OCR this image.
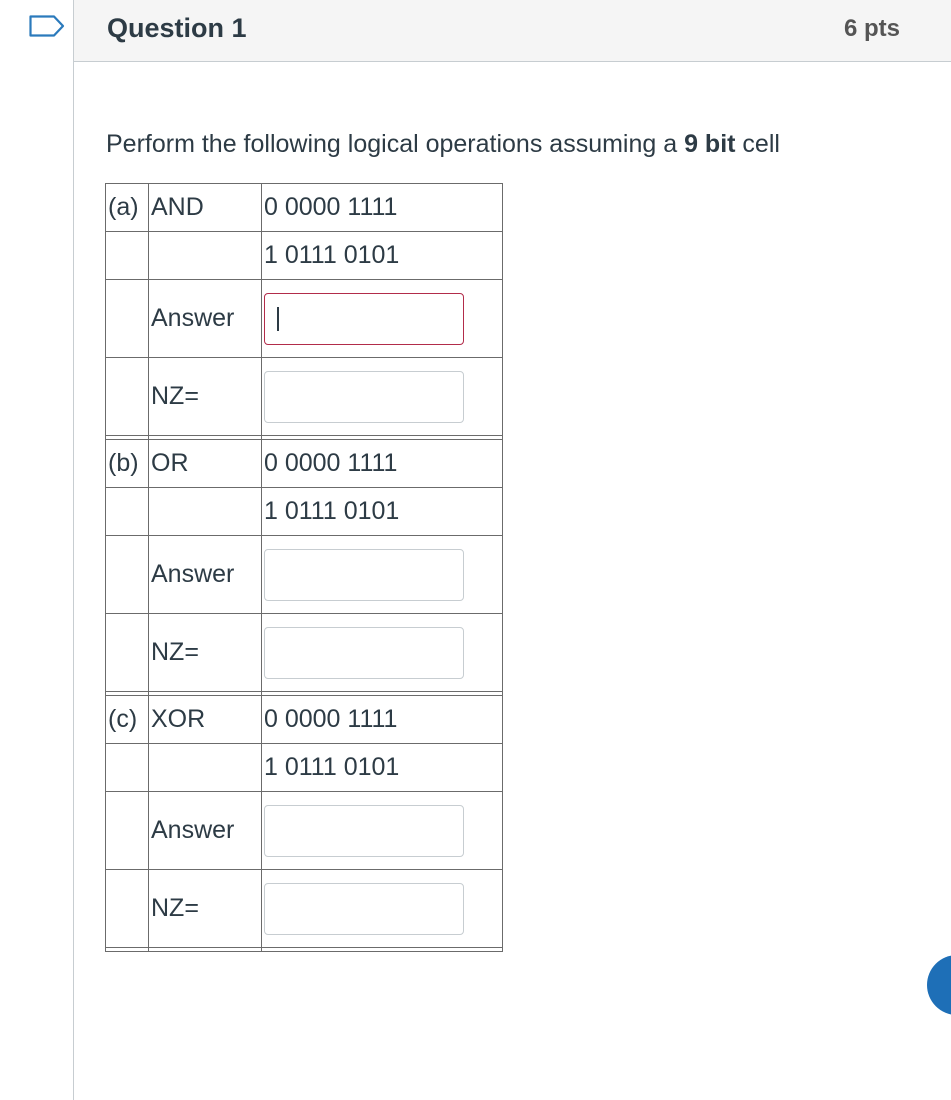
Question 1	6 pts
Perform the following logical operations assuming a 9 bit cell
(a)	AND	0 0000 1111
		1 0111 0101
	Answer	

	NZ=	

(b)	OR	0 0000 1111
		1 0111 0101
	Answer	

	NZ=	

(c)	XOR	0 0000 1111
		1 0111 0101
	Answer	

	NZ=	
